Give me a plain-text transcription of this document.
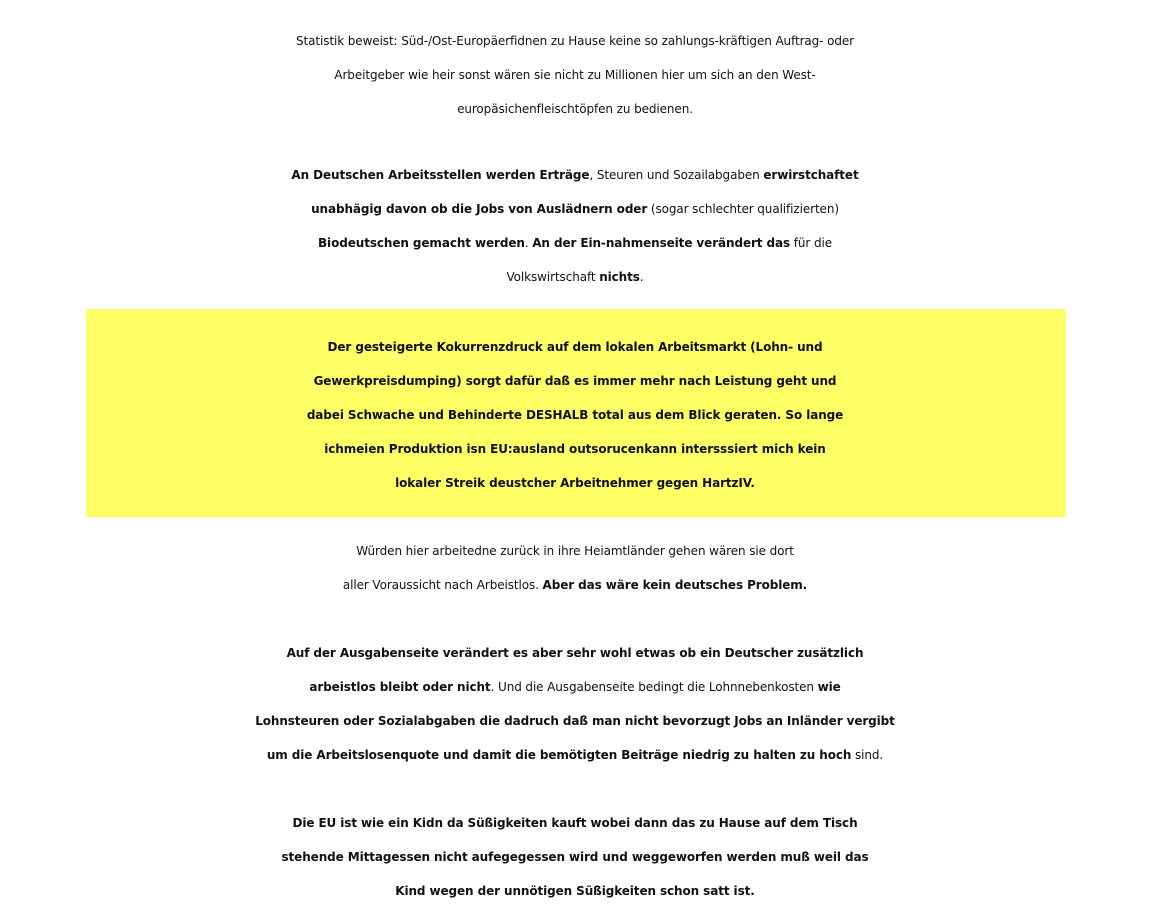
Statistik beweist: Süd-/Ost-Europäerfidnen zu Hause keine so zahlungs-kräftigen Auftrag- oder
Arbeitgeber wie heir sonst wären sie nicht zu Millionen hier um sich an den West-
europäsichenfleischtöpfen zu bedienen.
An Deutschen Arbeitsstellen werden Erträge, Steuren und Sozailabgaben erwirstchaftet
unabhägig davon ob die Jobs von Auslädnern oder (sogar schlechter qualifizierten)
Biodeutschen gemacht werden. An der Ein-nahmenseite verändert das für die
Volkswirtschaft nichts.
Der gesteigerte Kokurrenzdruck auf dem lokalen Arbeitsmarkt (Lohn- und
Gewerkpreisdumping) sorgt dafür daß es immer mehr nach Leistung geht und
dabei Schwache und Behinderte DESHALB total aus dem Blick geraten. So lange
ichmeien Produktion isn EU:ausland outsorucenkann intersssiert mich kein
lokaler Streik deustcher Arbeitnehmer gegen HartzIV.
Würden hier arbeitedne zurück in ihre Heiamtländer gehen wären sie dort
aller Voraussicht nach Arbeistlos. Aber das wäre kein deutsches Problem.
Auf der Ausgabenseite verändert es aber sehr wohl etwas ob ein Deutscher zusätzlich
arbeistlos bleibt oder nicht. Und die Ausgabenseite bedingt die Lohnnebenkosten wie
Lohnsteuren oder Sozialabgaben die dadruch daß man nicht bevorzugt Jobs an Inländer vergibt
um die Arbeitslosenquote und damit die bemötigten Beiträge niedrig zu halten zu hoch sind.
Die EU ist wie ein Kidn da Süßigkeiten kauft wobei dann das zu Hause auf dem Tisch
stehende Mittagessen nicht aufegegessen wird und weggeworfen werden muß weil das
Kind wegen der unnötigen Süßigkeiten schon satt ist.
